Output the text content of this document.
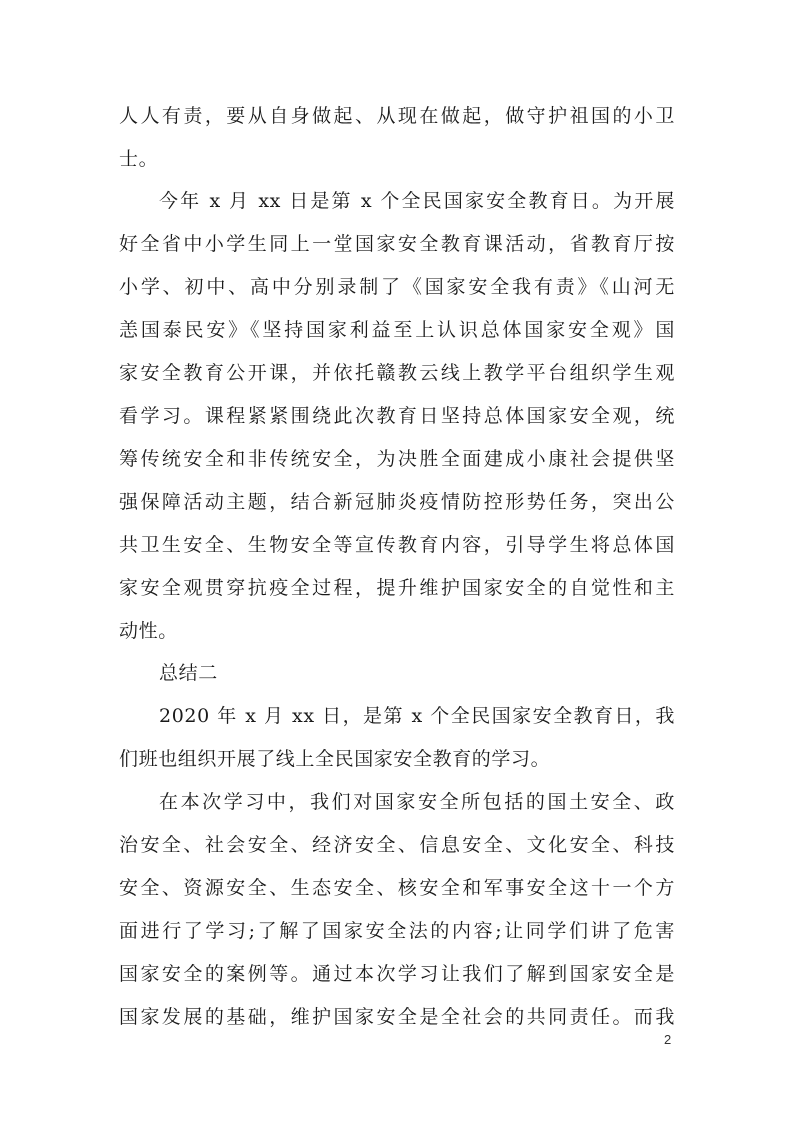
人人有责，要从自身做起、从现在做起，做守护祖国的小卫
士。
今年 x 月 xx 日是第 x 个全民国家安全教育日。为开展
好全省中小学生同上一堂国家安全教育课活动，省教育厅按
小学、初中、高中分别录制了《国家安全我有责》《山河无
恙国泰民安》《坚持国家利益至上认识总体国家安全观》国
家安全教育公开课，并依托赣教云线上教学平台组织学生观
看学习。课程紧紧围绕此次教育日坚持总体国家安全观，统
筹传统安全和非传统安全，为决胜全面建成小康社会提供坚
强保障活动主题，结合新冠肺炎疫情防控形势任务，突出公
共卫生安全、生物安全等宣传教育内容，引导学生将总体国
家安全观贯穿抗疫全过程，提升维护国家安全的自觉性和主
动性。
总结二
2020 年 x 月 xx 日，是第 x 个全民国家安全教育日，我
们班也组织开展了线上全民国家安全教育的学习。
在本次学习中，我们对国家安全所包括的国土安全、政
治安全、社会安全、经济安全、信息安全、文化安全、科技
安全、资源安全、生态安全、核安全和军事安全这十一个方
面进行了学习;了解了国家安全法的内容;让同学们讲了危害
国家安全的案例等。通过本次学习让我们了解到国家安全是
国家发展的基础，维护国家安全是全社会的共同责任。而我
2
